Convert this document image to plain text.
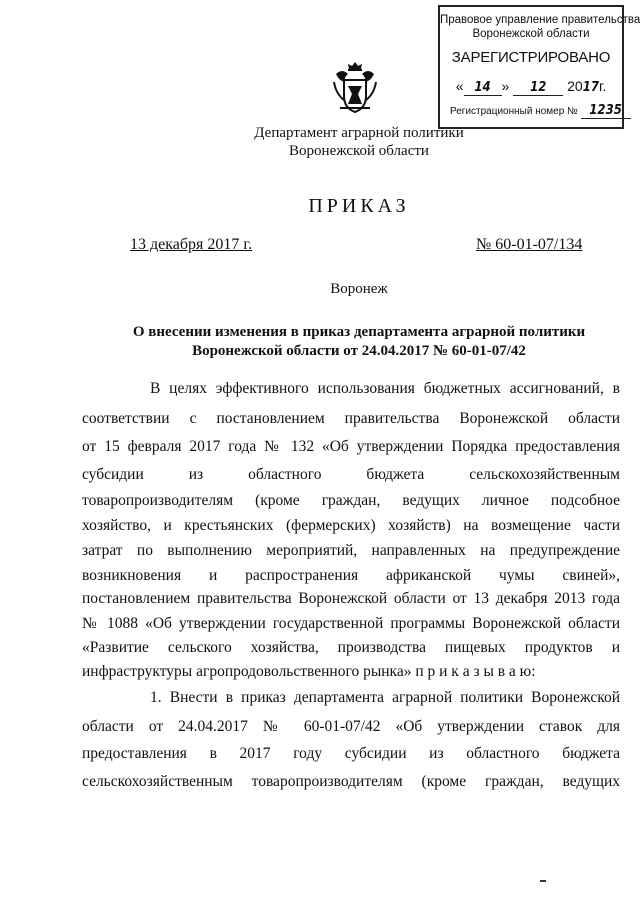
Правовое управление правительства
Воронежской области
ЗАРЕГИСТРИРОВАНО
« 14 » 12 2017г.
Регистрационный номер № 1235
Департамент аграрной политики
Воронежской области
ПРИКАЗ
13 декабря 2017 г.	№ 60-01-07/134
Воронеж
О внесении изменения в приказ департамента аграрной политики
Воронежской области от 24.04.2017 № 60-01-07/42
В целях эффективного использования бюджетных ассигнований, в
соответствии с постановлением правительства Воронежской области
от 15 февраля 2017 года № 132 «Об утверждении Порядка предоставления
субсидии из областного бюджета сельскохозяйственным
товаропроизводителям (кроме граждан, ведущих личное подсобное
хозяйство, и крестьянских (фермерских) хозяйств) на возмещение части
затрат по выполнению мероприятий, направленных на предупреждение
возникновения и распространения африканской чумы свиней»,
постановлением правительства Воронежской области от 13 декабря 2013 года
№ 1088 «Об утверждении государственной программы Воронежской области
«Развитие сельского хозяйства, производства пищевых продуктов и
инфраструктуры агропродовольственного рынка» п р и к а з ы в а ю:
1. Внести в приказ департамента аграрной политики Воронежской
области от 24.04.2017 № 60-01-07/42 «Об утверждении ставок для
предоставления в 2017 году субсидии из областного бюджета
сельскохозяйственным товаропроизводителям (кроме граждан, ведущих
